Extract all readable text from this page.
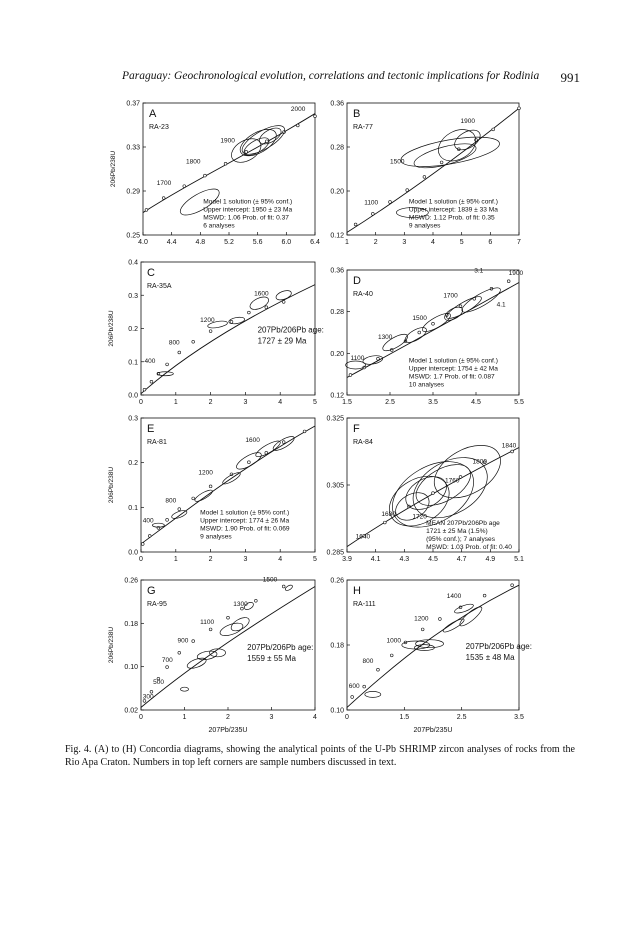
Paraguay: Geochronological evolution, correlations and tectonic implications for Rodinia 991
4.0	4.4	4.8	5.2	5.6	6.0	6.4
0.25
0.29
0.33
0.37
206Pb/238U
A
RA-23
1700
1800
1900
2000
Model 1 solution (± 95% conf.)
Upper intercept: 1950 ± 23 Ma
MSWD: 1.06 Prob. of fit: 0.37
6 analyses
1	2	3	4	5	6	7
0.12
0.20
0.28
0.36
B
RA-77
1100
1500
1900
Model 1 solution (± 95% conf.)
Upper intercept: 1839 ± 33 Ma
MSWD: 1.12 Prob. of fit: 0.35
9 analyses
0	1	2	3	4	5
0.0
0.1
0.2
0.3
0.4
206Pb/238U
C
RA-35A
400
800
1200
1600
207Pb/206Pb age:
1727 ± 29 Ma
1.5	2.5	3.5	4.5	5.5
0.12
0.20
0.28
0.36
D
RA-40
1100
1300
1500
1700
1900
3.1
4.1
Model 1 solution (± 95% conf.)
Upper intercept: 1754 ± 42 Ma
MSWD: 1.7 Prob. of fit: 0.087
10 analyses
0	1	2	3	4	5
0.0
0.1
0.2
0.3
206Pb/238U
E
RA-81
400
800
1200
1600
Model 1 solution (± 95% conf.)
Upper intercept: 1774 ± 26 Ma
MSWD: 1.90 Prob. of fit: 0.069
9 analyses
3.9	4.1	4.3	4.5	4.7	4.9	5.1
0.285
0.305
0.325
F
RA-84
1640
1680	1720
1760
1800
1840
MEAN 207Pb/206Pb age
1721 ± 25 Ma (1.5%)
(95% conf.); 7 analyses
MSWD: 1.03 Prob. of fit: 0.40
0	1	2	3	4
0.02
0.10
0.18
0.26
206Pb/238U
207Pb/235U
G
RA-95
300
500
700
900
1100
1300
1500
207Pb/206Pb age:
1559 ± 55 Ma
0	1.5	2.5	3.5
0.10
0.18
0.26
207Pb/235U
H
RA-111
600
800
1000
1200
1400
207Pb/206Pb age:
1535 ± 48 Ma
Fig. 4. (A) to (H) Concordia diagrams, showing the analytical points of the U-Pb SHRIMP zircon analyses of rocks from the Rio Apa Craton. Numbers in top left corners are sample numbers discussed in text.
